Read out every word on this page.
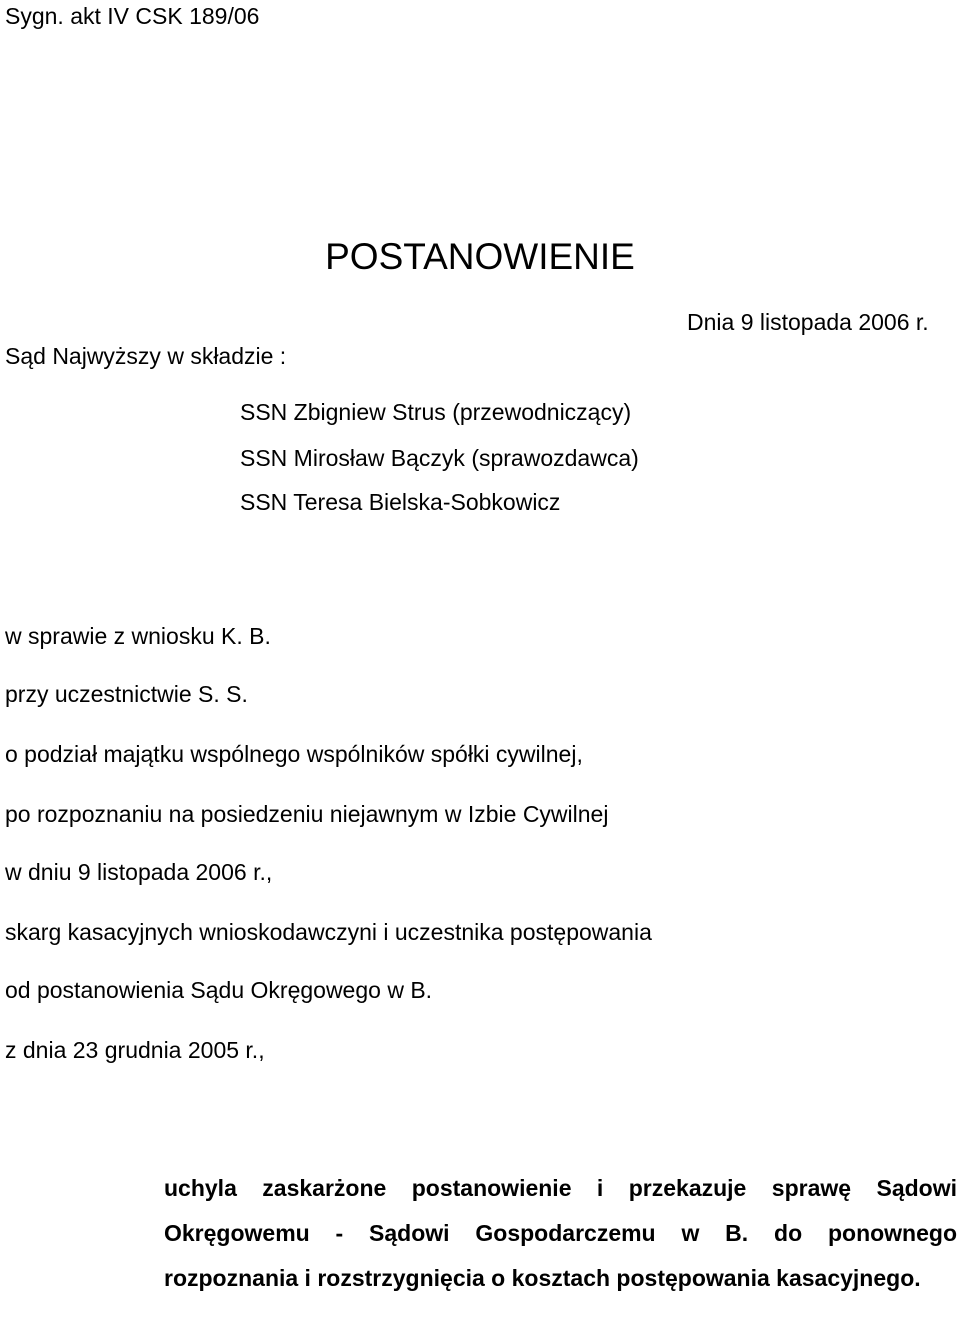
Sygn. akt IV CSK 189/06
POSTANOWIENIE
Dnia 9 listopada 2006 r.
Sąd Najwyższy w składzie :
SSN Zbigniew Strus (przewodniczący)
SSN Mirosław Bączyk (sprawozdawca)
SSN Teresa Bielska-Sobkowicz
w sprawie z wniosku K. B.
przy uczestnictwie S. S.
o podział majątku wspólnego wspólników spółki cywilnej,
po rozpoznaniu na posiedzeniu niejawnym w Izbie Cywilnej
w dniu 9 listopada 2006 r.,
skarg kasacyjnych wnioskodawczyni i uczestnika postępowania
od postanowienia Sądu Okręgowego w B.
z dnia 23 grudnia 2005 r.,

uchyla zaskarżone postanowienie i przekazuje sprawę Sądowi Okręgowemu - Sądowi Gospodarczemu w B. do ponownego rozpoznania i rozstrzygnięcia o kosztach postępowania kasacyjnego.
